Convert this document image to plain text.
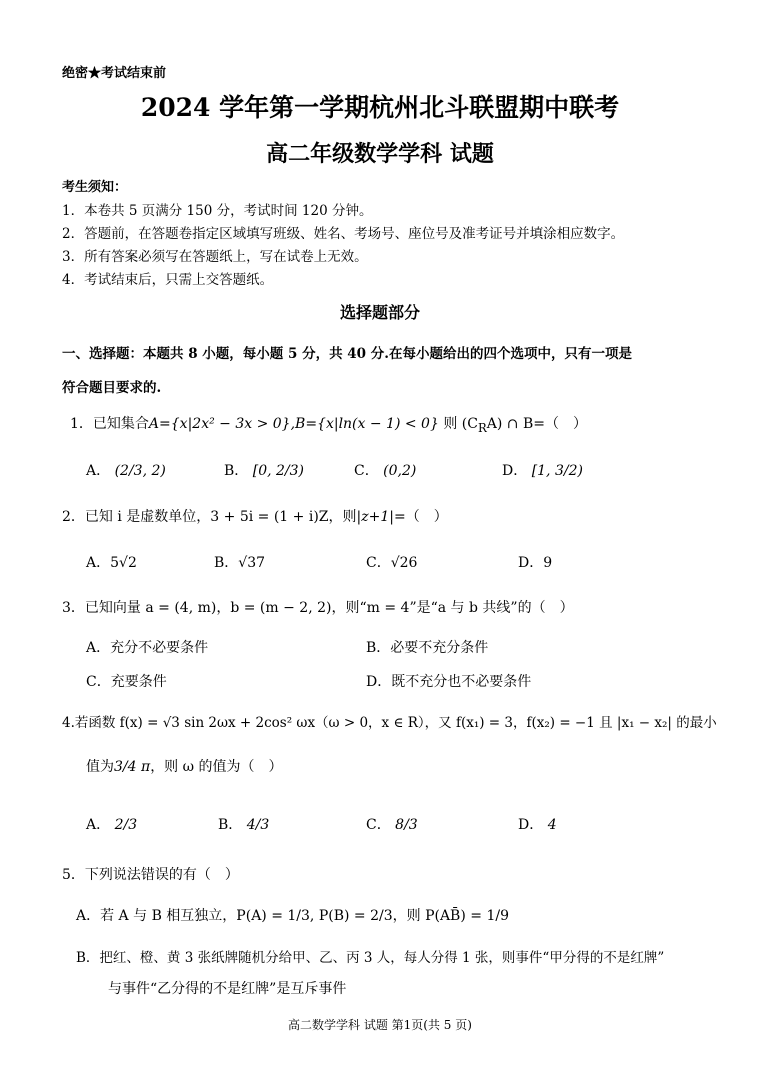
绝密★考试结束前
2024 学年第一学期杭州北斗联盟期中联考
高二年级数学学科 试题
考生须知：
1．本卷共 5 页满分 150 分，考试时间 120 分钟。
2．答题前，在答题卷指定区域填写班级、姓名、考场号、座位号及准考证号并填涂相应数字。
3．所有答案必须写在答题纸上，写在试卷上无效。
4．考试结束后，只需上交答题纸。
选择题部分
一、选择题：本题共 8 小题，每小题 5 分，共 40 分.在每小题给出的四个选项中，只有一项是
符合题目要求的.
1．已知集合A={x|2x² − 3x > 0},B={x|ln(x − 1) < 0} 则 $(C_RA)$ ∩ B=（　）
A． (2/3, 2)	B． [0, 2/3)	C． (0,2)	D． [1, 3/2)
2．已知 i 是虚数单位，3 + 5i = (1 + i)Z，则|z+1|=（　）
A．5√2	B．√37	C．√26	D．9
3．已知向量 a = (4, m)，b = (m − 2, 2)，则“m = 4”是“a 与 b 共线”的（　）
A．充分不必要条件	B．必要不充分条件
C．充要条件	D．既不充分也不必要条件
4.若函数 f(x) = √3 sin 2ωx + 2cos² ωx（ω > 0，x ∈ R），又 f(x₁) = 3，f(x₂) = −1 且 |x₁ − x₂| 的最小
值为3/4 π，则 ω 的值为（　）
A． 2/3	B． 4/3	C． 8/3	D． 4
5．下列说法错误的有（　）
A．若 A 与 B 相互独立，P(A) = 1/3, P(B) = 2/3，则 P(AB̄) = 1/9
B．把红、橙、黄 3 张纸牌随机分给甲、乙、丙 3 人，每人分得 1 张，则事件“甲分得的不是红牌”
与事件“乙分得的不是红牌”是互斥事件
高二数学学科 试题 第1页(共 5 页)
